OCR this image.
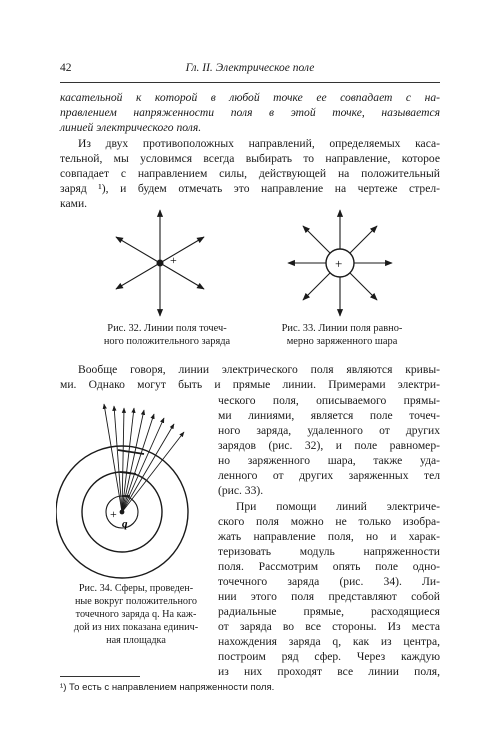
42	Гл. II. Электрическое поле
касательной к которой в любой точке ее совпадает с на-
правлением напряженности поля в этой точке, называется
линией электрического поля.
Из двух противоположных направлений, определяемых каса-
тельной, мы условимся всегда выбирать то направление, которое
совпадает с направлением силы, действующей на положительный
заряд ¹), и будем отмечать это направление на чертеже стрел-
ками.
+	+
Рис. 32. Линии поля точеч-
ного положительного заряда
Рис. 33. Линии поля равно-
мерно заряженного шара
Вообще говоря, линии электрического поля являются кривы-
ми. Однако могут быть и прямые линии. Примерами электри-
ческого поля, описываемого прямы-
ми линиями, является поле точеч-
ного заряда, удаленного от других
зарядов (рис. 32), и поле равномер-
но заряженного шара, также уда-
ленного от других заряженных тел
(рис. 33).
При помощи линий электриче-
ского поля можно не только изобра-
жать направление поля, но и харак-
теризовать модуль напряженности
поля. Рассмотрим опять поле одно-
точечного заряда (рис. 34). Ли-
нии этого поля представляют собой
радиальные прямые, расходящиеся
от заряда во все стороны. Из места
нахождения заряда q, как из центра,
построим ряд сфер. Через каждую
из них проходят все линии поля,
+
q
Рис. 34. Сферы, проведен-
ные вокруг положительного
точечного заряда q. На каж-
дой из них показана единич-
ная площадка
¹) То есть с направлением напряженности поля.
